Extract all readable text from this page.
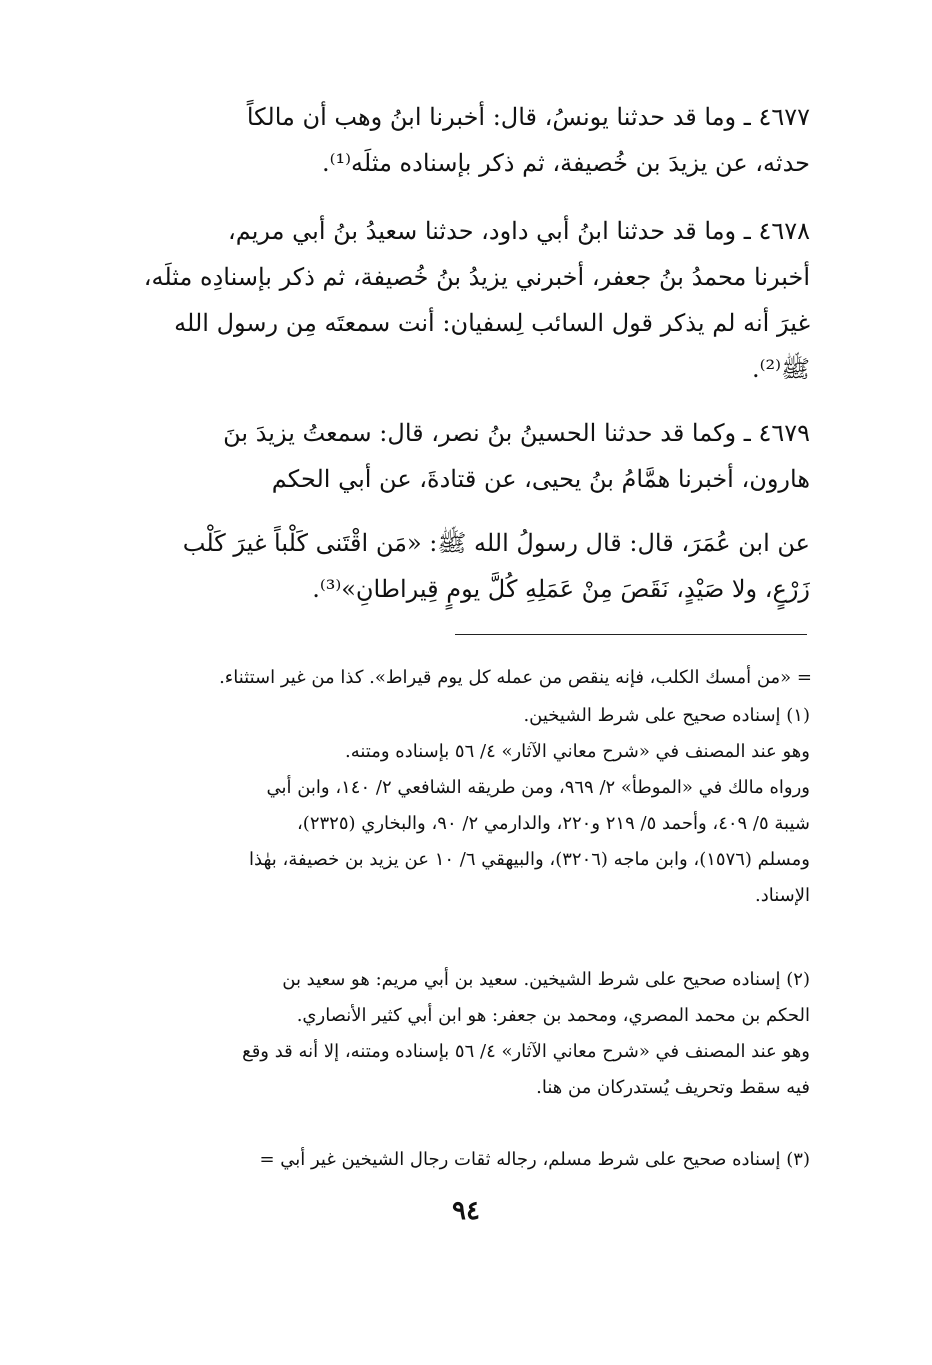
٤٦٧٧ ـ وما قد حدثنا يونسُ، قال: أخبرنا ابنُ وهب أن مالكاً
حدثه، عن يزيدَ بن خُصيفة، ثم ذكر بإسناده مثلَه⁽¹⁾.
٤٦٧٨ ـ وما قد حدثنا ابنُ أبي داود، حدثنا سعيدُ بنُ أبي مريم،
أخبرنا محمدُ بنُ جعفر، أخبرني يزيدُ بنُ خُصيفة، ثم ذكر بإسنادِه مثلَه،
غيرَ أنه لم يذكر قول السائب لِسفيان: أنت سمعتَه مِن رسول الله
ﷺ⁽²⁾.
٤٦٧٩ ـ وكما قد حدثنا الحسينُ بنُ نصر، قال: سمعتُ يزيدَ بنَ
هارون، أخبرنا همَّامُ بنُ يحيى، عن قتادةَ، عن أبي الحكم
عن ابن عُمَرَ، قال: قال رسولُ الله ﷺ: «مَن اقْتَنى كَلْباً غيرَ كَلْب
زَرْعٍ، ولا صَيْدٍ، نَقَصَ مِنْ عَمَلِهِ كُلَّ يومٍ قِيراطانِ»⁽³⁾.
= «من أمسك الكلب، فإنه ينقص من عمله كل يوم قيراط». كذا من غير استثناء.
(١) إسناده صحيح على شرط الشيخين.
وهو عند المصنف في «شرح معاني الآثار» ٤/ ٥٦ بإسناده ومتنه.
ورواه مالك في «الموطأ» ٢/ ٩٦٩، ومن طريقه الشافعي ٢/ ١٤٠، وابن أبي
شيبة ٥/ ٤٠٩، وأحمد ٥/ ٢١٩ و٢٢٠، والدارمي ٢/ ٩٠، والبخاري (٢٣٢٥)،
ومسلم (١٥٧٦)، وابن ماجه (٣٢٠٦)، والبيهقي ٦/ ١٠ عن يزيد بن خصيفة، بهٰذا
الإسناد.
(٢) إسناده صحيح على شرط الشيخين. سعيد بن أبي مريم: هو سعيد بن
الحكم بن محمد المصري، ومحمد بن جعفر: هو ابن أبي كثير الأنصاري.
وهو عند المصنف في «شرح معاني الآثار» ٤/ ٥٦ بإسناده ومتنه، إلا أنه قد وقع
فيه سقط وتحريف يُستدركان من هنا.
(٣) إسناده صحيح على شرط مسلم، رجاله ثقات رجال الشيخين غير أبي =
٩٤
